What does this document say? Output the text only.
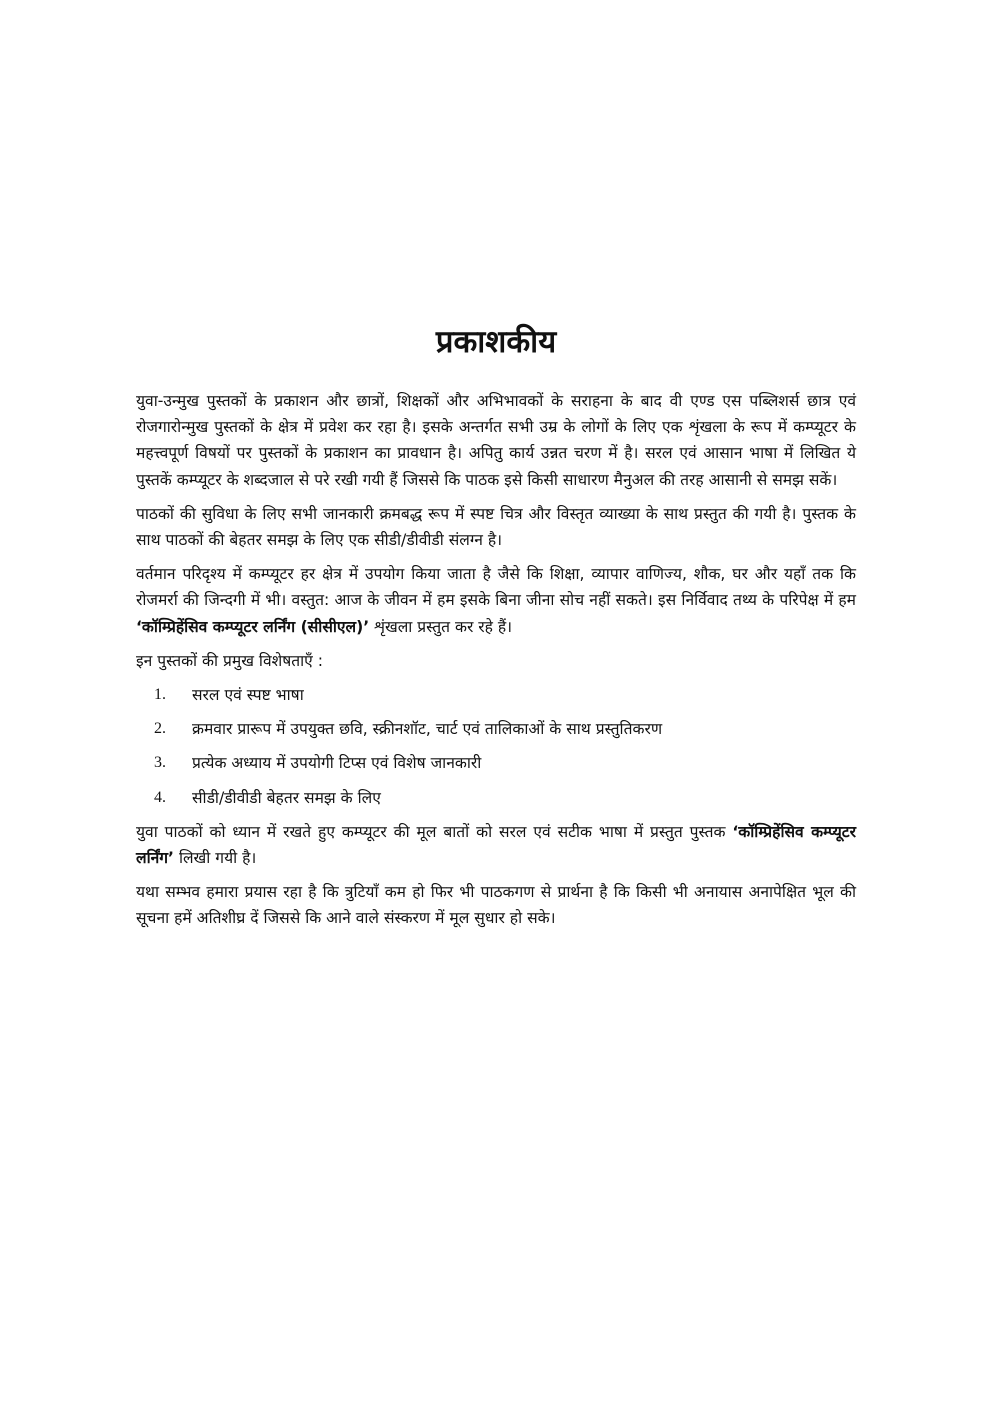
प्रकाशकीय

युवा-उन्मुख पुस्तकों के प्रकाशन और छात्रों, शिक्षकों और अभिभावकों के सराहना के बाद वी एण्ड एस पब्लिशर्स छात्र एवं रोजगारोन्मुख पुस्तकों के क्षेत्र में प्रवेश कर रहा है। इसके अन्तर्गत सभी उम्र के लोगों के लिए एक शृंखला के रूप में कम्प्यूटर के महत्त्वपूर्ण विषयों पर पुस्तकों के प्रकाशन का प्रावधान है। अपितु कार्य उन्नत चरण में है। सरल एवं आसान भाषा में लिखित ये पुस्तकें कम्प्यूटर के शब्दजाल से परे रखी गयी हैं जिससे कि पाठक इसे किसी साधारण मैनुअल की तरह आसानी से समझ सकें।

पाठकों की सुविधा के लिए सभी जानकारी क्रमबद्ध रूप में स्पष्ट चित्र और विस्तृत व्याख्या के साथ प्रस्तुत की गयी है। पुस्तक के साथ पाठकों की बेहतर समझ के लिए एक सीडी/डीवीडी संलग्न है।

वर्तमान परिदृश्य में कम्प्यूटर हर क्षेत्र में उपयोग किया जाता है जैसे कि शिक्षा, व्यापार वाणिज्य, शौक, घर और यहाँ तक कि रोजमर्रा की जिन्दगी में भी। वस्तुत: आज के जीवन में हम इसके बिना जीना सोच नहीं सकते। इस निर्विवाद तथ्य के परिपेक्ष में हम ‘कॉम्प्रिहेंसिव कम्प्यूटर लर्निंग (सीसीएल)’ शृंखला प्रस्तुत कर रहे हैं।

इन पुस्तकों की प्रमुख विशेषताएँ :

1.	सरल एवं स्पष्ट भाषा
2.	क्रमवार प्रारूप में उपयुक्त छवि, स्क्रीनशॉट, चार्ट एवं तालिकाओं के साथ प्रस्तुतिकरण
3.	प्रत्येक अध्याय में उपयोगी टिप्स एवं विशेष जानकारी
4.	सीडी/डीवीडी बेहतर समझ के लिए

युवा पाठकों को ध्यान में रखते हुए कम्प्यूटर की मूल बातों को सरल एवं सटीक भाषा में प्रस्तुत पुस्तक ‘कॉम्प्रिहेंसिव कम्प्यूटर लर्निंग’ लिखी गयी है।

यथा सम्भव हमारा प्रयास रहा है कि त्रुटियाँ कम हो फिर भी पाठकगण से प्रार्थना है कि किसी भी अनायास अनापेक्षित भूल की सूचना हमें अतिशीघ्र दें जिससे कि आने वाले संस्करण में मूल सुधार हो सके।
